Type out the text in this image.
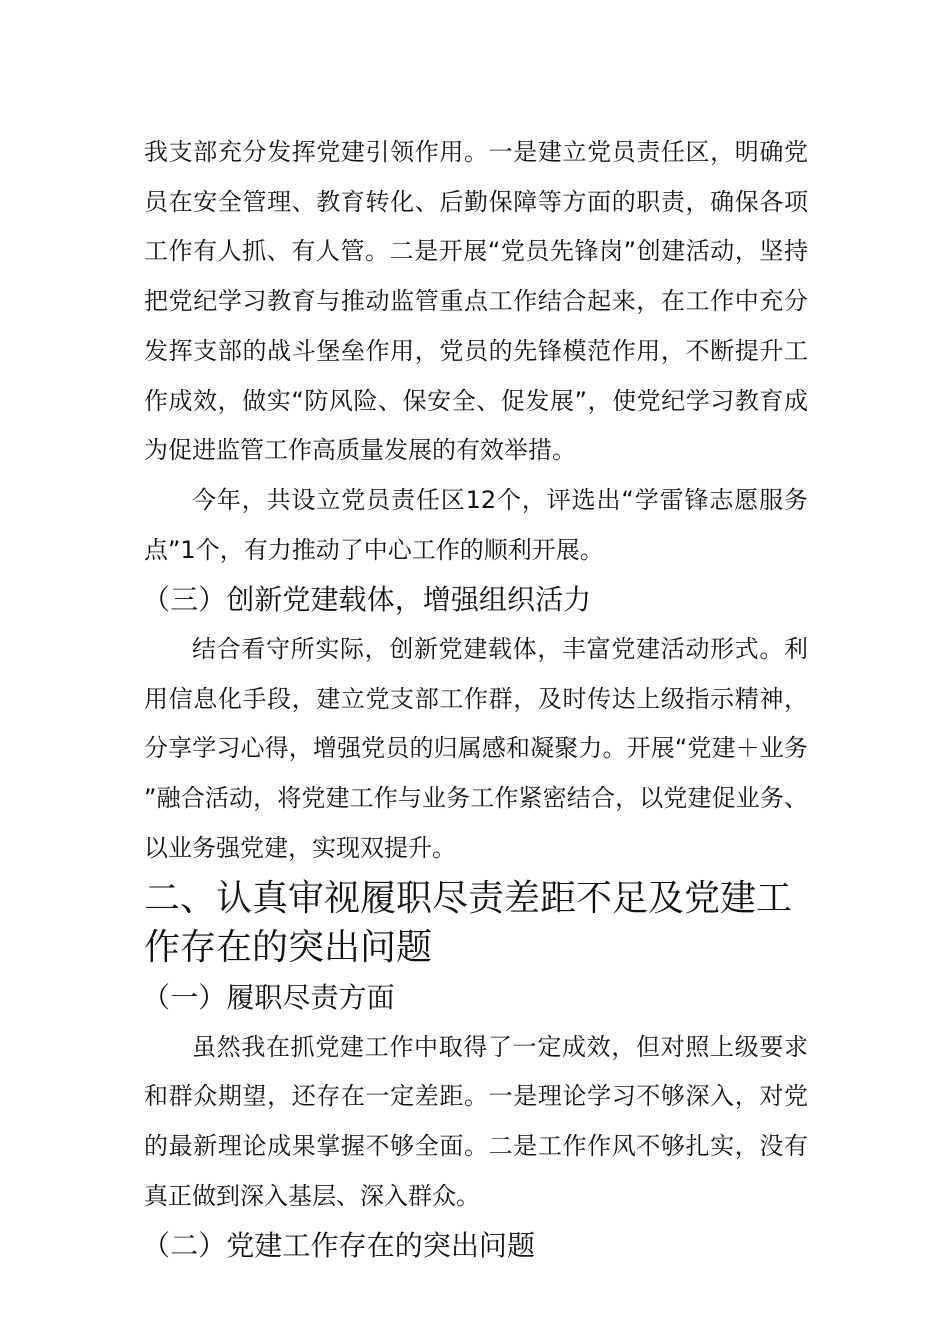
我支部充分发挥党建引领作用。一是建立党员责任区，明确党员在安全管理、教育转化、后勤保障等方面的职责，确保各项工作有人抓、有人管。二是开展“党员先锋岗”创建活动，坚持把党纪学习教育与推动监管重点工作结合起来，在工作中充分发挥支部的战斗堡垒作用，党员的先锋模范作用，不断提升工作成效，做实“防风险、保安全、促发展”，使党纪学习教育成为促进监管工作高质量发展的有效举措。

今年，共设立党员责任区12个，评选出“学雷锋志愿服务点”1个，有力推动了中心工作的顺利开展。

（三）创新党建载体，增强组织活力

结合看守所实际，创新党建载体，丰富党建活动形式。利用信息化手段，建立党支部工作群，及时传达上级指示精神，分享学习心得，增强党员的归属感和凝聚力。开展“党建＋业务”融合活动，将党建工作与业务工作紧密结合，以党建促业务、以业务强党建，实现双提升。

二、认真审视履职尽责差距不足及党建工作存在的突出问题
（一）履职尽责方面

虽然我在抓党建工作中取得了一定成效，但对照上级要求和群众期望，还存在一定差距。一是理论学习不够深入，对党的最新理论成果掌握不够全面。二是工作作风不够扎实，没有真正做到深入基层、深入群众。

（二）党建工作存在的突出问题
